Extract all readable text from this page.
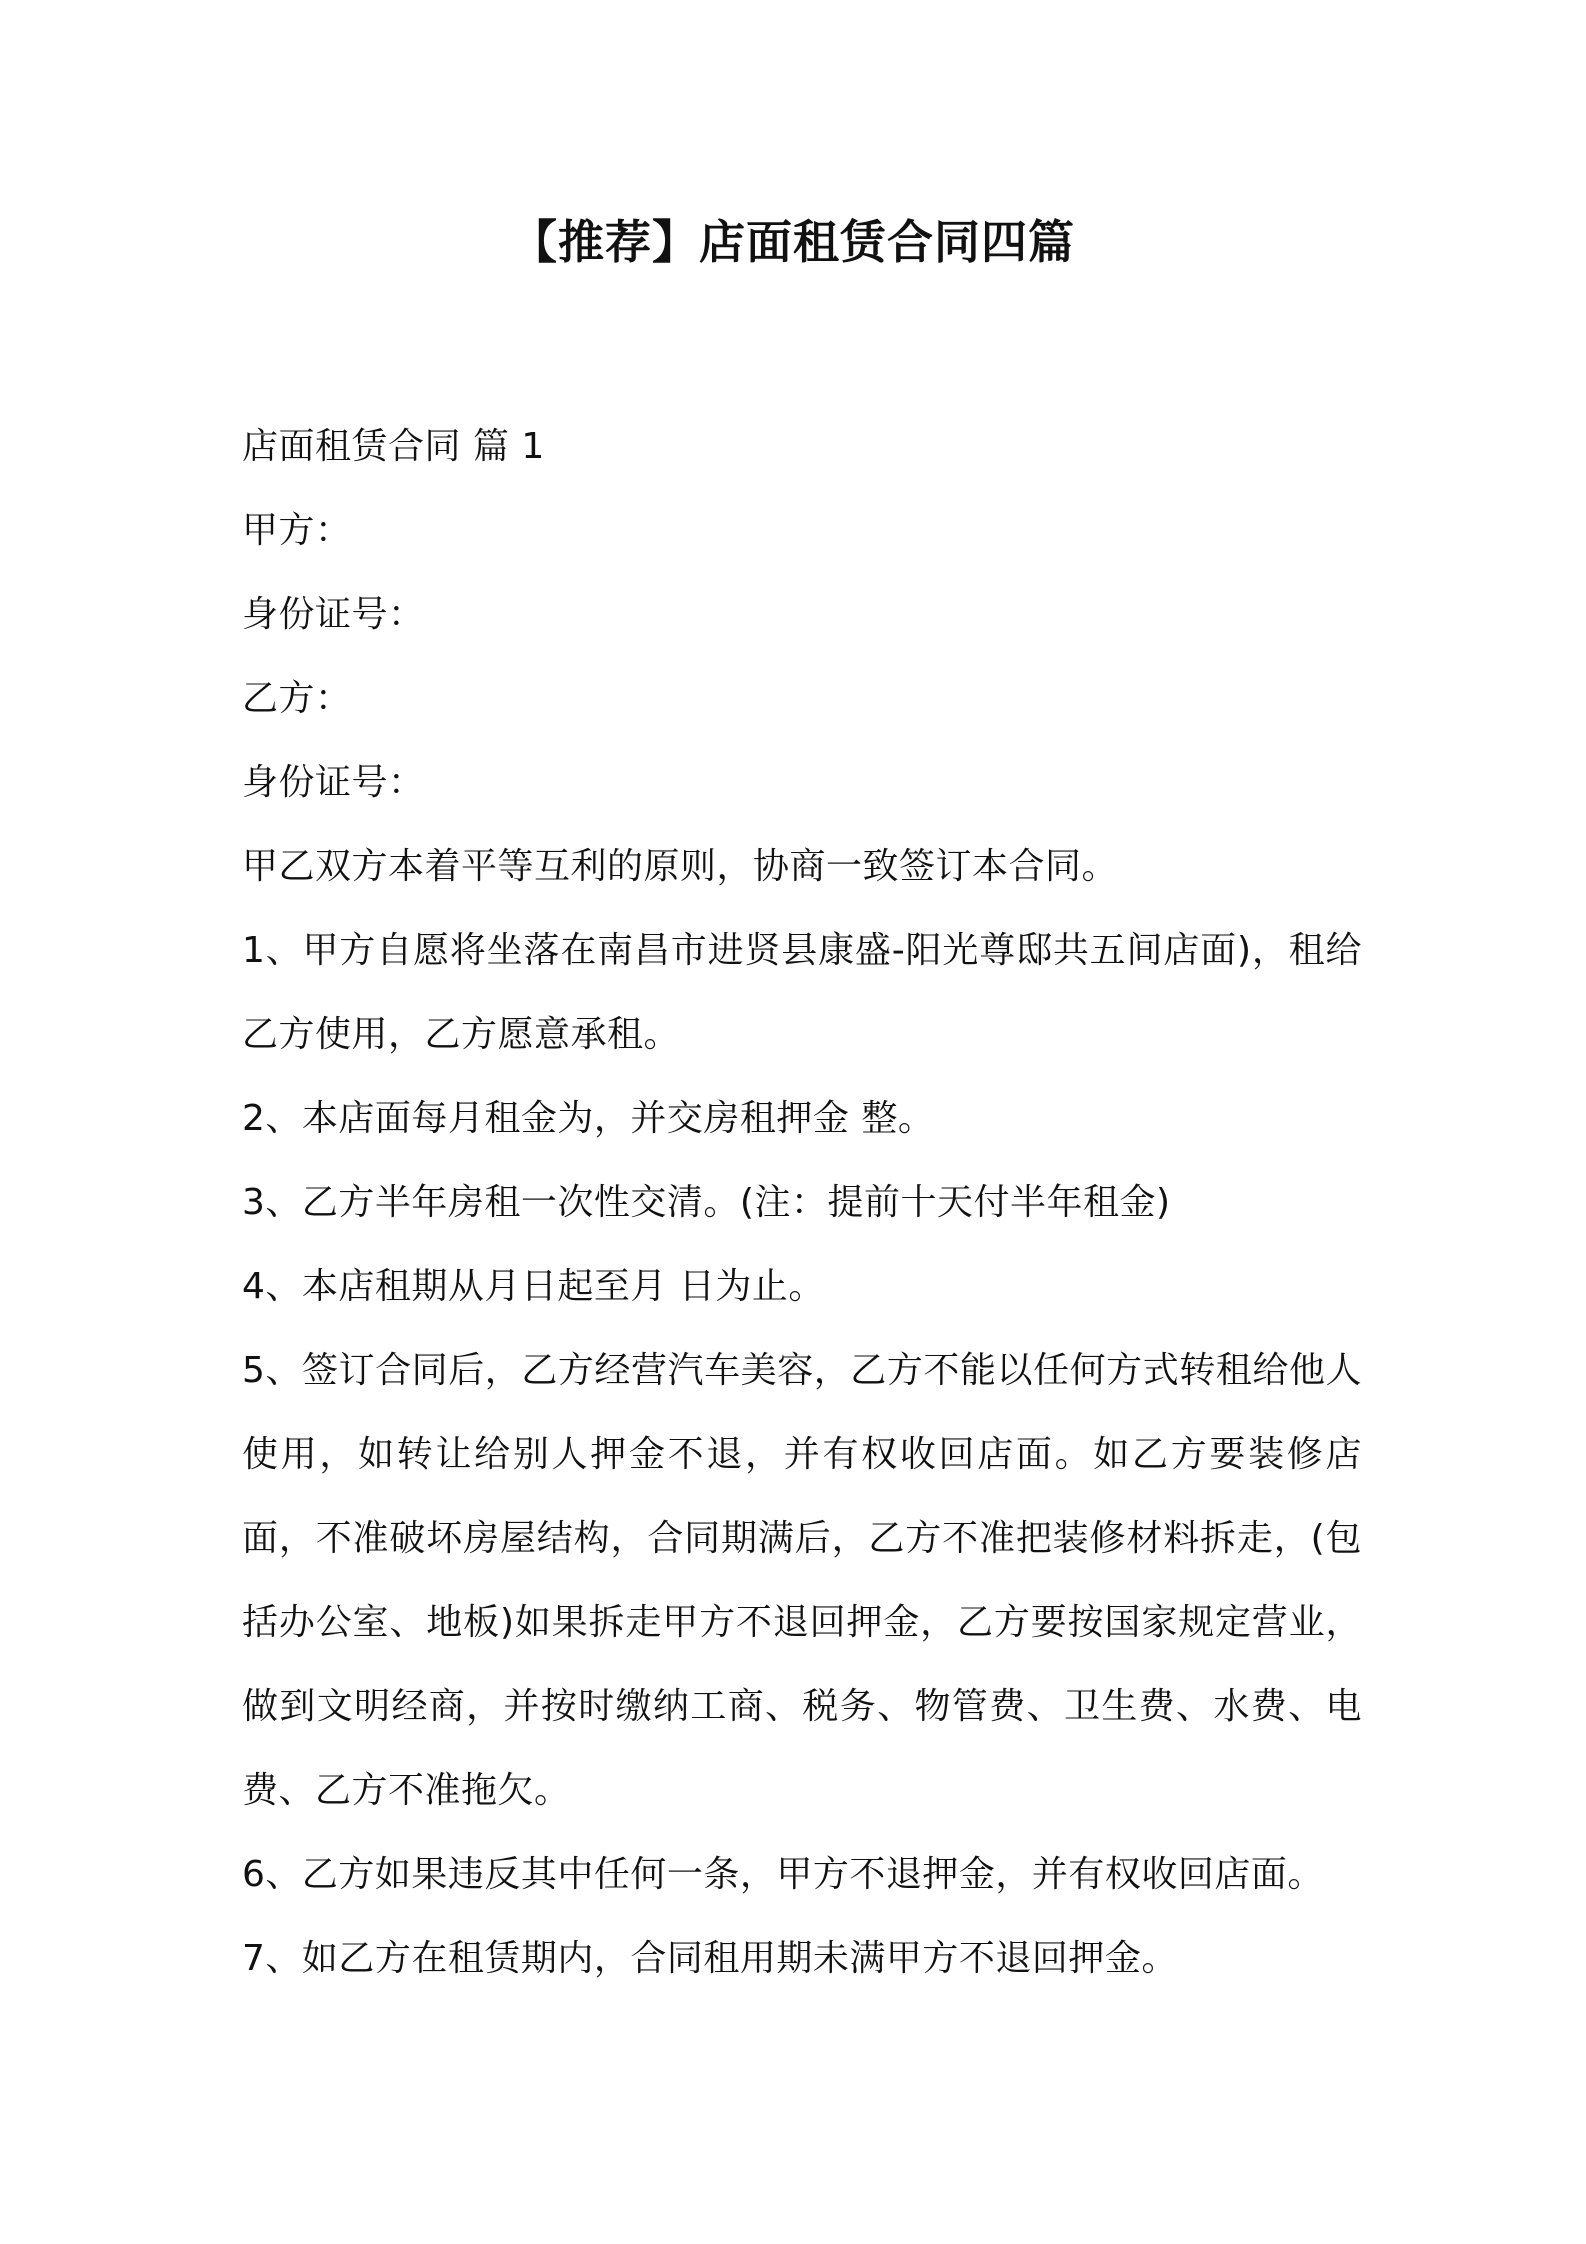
【推荐】店面租赁合同四篇
店面租赁合同 篇 1
甲方：
身份证号：
乙方：
身份证号：
甲乙双方本着平等互利的原则，协商一致签订本合同。
1、甲方自愿将坐落在南昌市进贤县康盛-阳光尊邸共五间店面)，租给乙方使用，乙方愿意承租。
2、本店面每月租金为，并交房租押金 整。
3、乙方半年房租一次性交清。(注：提前十天付半年租金)
4、本店租期从月日起至月 日为止。
5、签订合同后，乙方经营汽车美容，乙方不能以任何方式转租给他人使用，如转让给别人押金不退，并有权收回店面。如乙方要装修店面，不准破坏房屋结构，合同期满后，乙方不准把装修材料拆走，(包括办公室、地板)如果拆走甲方不退回押金，乙方要按国家规定营业，做到文明经商，并按时缴纳工商、税务、物管费、卫生费、水费、电费、乙方不准拖欠。
6、乙方如果违反其中任何一条，甲方不退押金，并有权收回店面。
7、如乙方在租赁期内，合同租用期未满甲方不退回押金。
